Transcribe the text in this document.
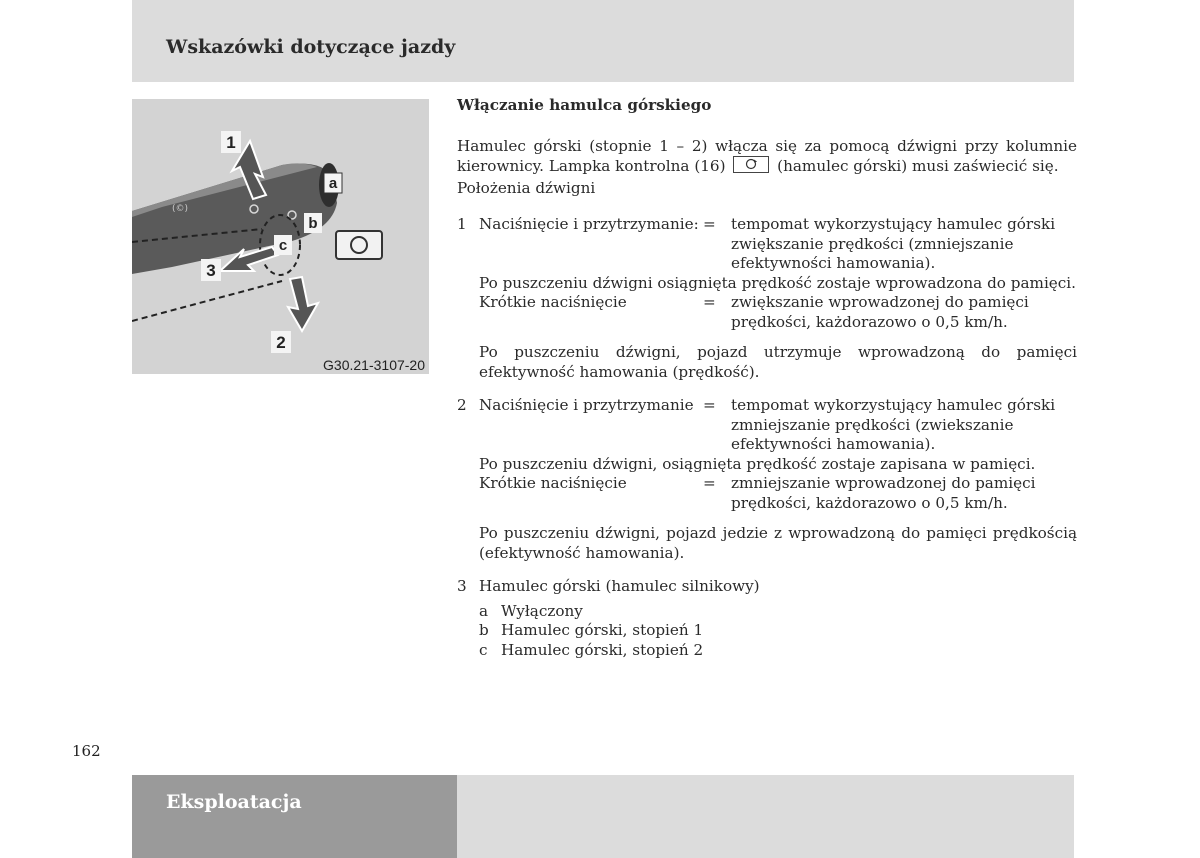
Wskazówki dotyczące jazdy
(©)
1
3
2
a
b
c
G30.21-3107-20
Włączanie hamulca górskiego

Hamulec górski (stopnie 1 – 2) włącza się za pomocą dźwigni przy kolumnie kierownicy. Lampka kontrolna (16)	(hamulec górski) musi zaświecić się.

Położenia dźwigni
1 Naciśnięcie i przytrzymanie: =	tempomat wykorzystujący hamulec górski zwiększanie prędkości (zmniejszanie efektywności hamowania).
Po puszczeniu dźwigni osiągnięta prędkość zostaje wprowadzona do pamięci.
Krótkie naciśnięcie	=	zwiększanie wprowadzonej do pamięci prędkości, każdorazowo o 0,5 km/h.
Po puszczeniu dźwigni, pojazd utrzymuje wprowadzoną do pamięci efektywność hamowania (prędkość).
2 Naciśnięcie i przytrzymanie =	tempomat wykorzystujący hamulec górski zmniejszanie prędkości (zwiekszanie efektywności hamowania).
Po puszczeniu dźwigni, osiągnięta prędkość zostaje zapisana w pamięci.
Krótkie naciśnięcie	=	zmniejszanie wprowadzonej do pamięci prędkości, każdorazowo o 0,5 km/h.
Po puszczeniu dźwigni, pojazd jedzie z wprowadzoną do pamięci prędkością (efektywność hamowania).
3 Hamulec górski (hamulec silnikowy)
a Wyłączony
b Hamulec górski, stopień 1
c Hamulec górski, stopień 2
162
Eksploatacja
